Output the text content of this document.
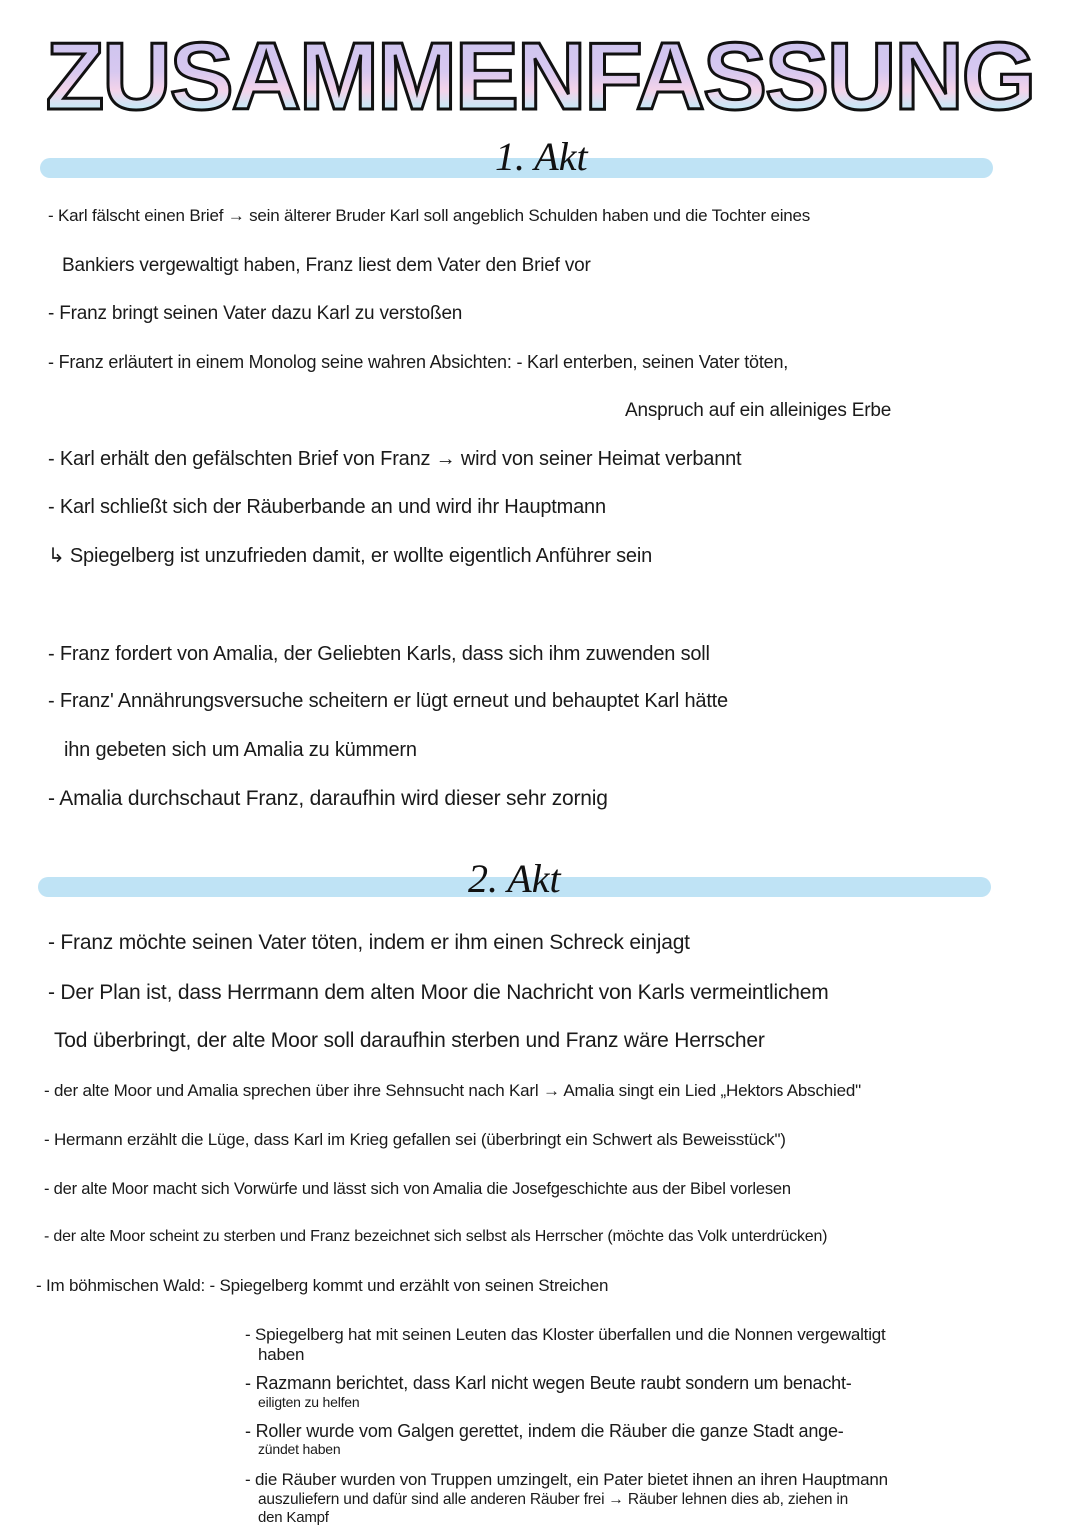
ZUSAMMENFASSUNG
1. Akt
- Karl fälscht einen Brief → sein älterer Bruder Karl soll angeblich Schulden haben und die Tochter eines
Bankiers vergewaltigt haben, Franz liest dem Vater den Brief vor
- Franz bringt seinen Vater dazu Karl zu verstoßen
- Franz erläutert in einem Monolog seine wahren Absichten: - Karl enterben, seinen Vater töten,
Anspruch auf ein alleiniges Erbe
- Karl erhält den gefälschten Brief von Franz → wird von seiner Heimat verbannt
- Karl schließt sich der Räuberbande an und wird ihr Hauptmann
↳ Spiegelberg ist unzufrieden damit, er wollte eigentlich Anführer sein
- Franz fordert von Amalia, der Geliebten Karls, dass sich ihm zuwenden soll
- Franz' Annährungsversuche scheitern er lügt erneut und behauptet Karl hätte
ihn gebeten sich um Amalia zu kümmern
- Amalia durchschaut Franz, daraufhin wird dieser sehr zornig
2. Akt
- Franz möchte seinen Vater töten, indem er ihm einen Schreck einjagt
- Der Plan ist, dass Herrmann dem alten Moor die Nachricht von Karls vermeintlichem
Tod überbringt, der alte Moor soll daraufhin sterben und Franz wäre Herrscher
- der alte Moor und Amalia sprechen über ihre Sehnsucht nach Karl → Amalia singt ein Lied „Hektors Abschied"
- Hermann erzählt die Lüge, dass Karl im Krieg gefallen sei (überbringt ein Schwert als Beweisstück")
- der alte Moor macht sich Vorwürfe und lässt sich von Amalia die Josefgeschichte aus der Bibel vorlesen
- der alte Moor scheint zu sterben und Franz bezeichnet sich selbst als Herrscher (möchte das Volk unterdrücken)
- Im böhmischen Wald: - Spiegelberg kommt und erzählt von seinen Streichen
- Spiegelberg hat mit seinen Leuten das Kloster überfallen und die Nonnen vergewaltigt
haben
- Razmann berichtet, dass Karl nicht wegen Beute raubt sondern um benacht-
eiligten zu helfen
- Roller wurde vom Galgen gerettet, indem die Räuber die ganze Stadt ange-
zündet haben
- die Räuber wurden von Truppen umzingelt, ein Pater bietet ihnen an ihren Hauptmann
auszuliefern und dafür sind alle anderen Räuber frei → Räuber lehnen dies ab, ziehen in
den Kampf
